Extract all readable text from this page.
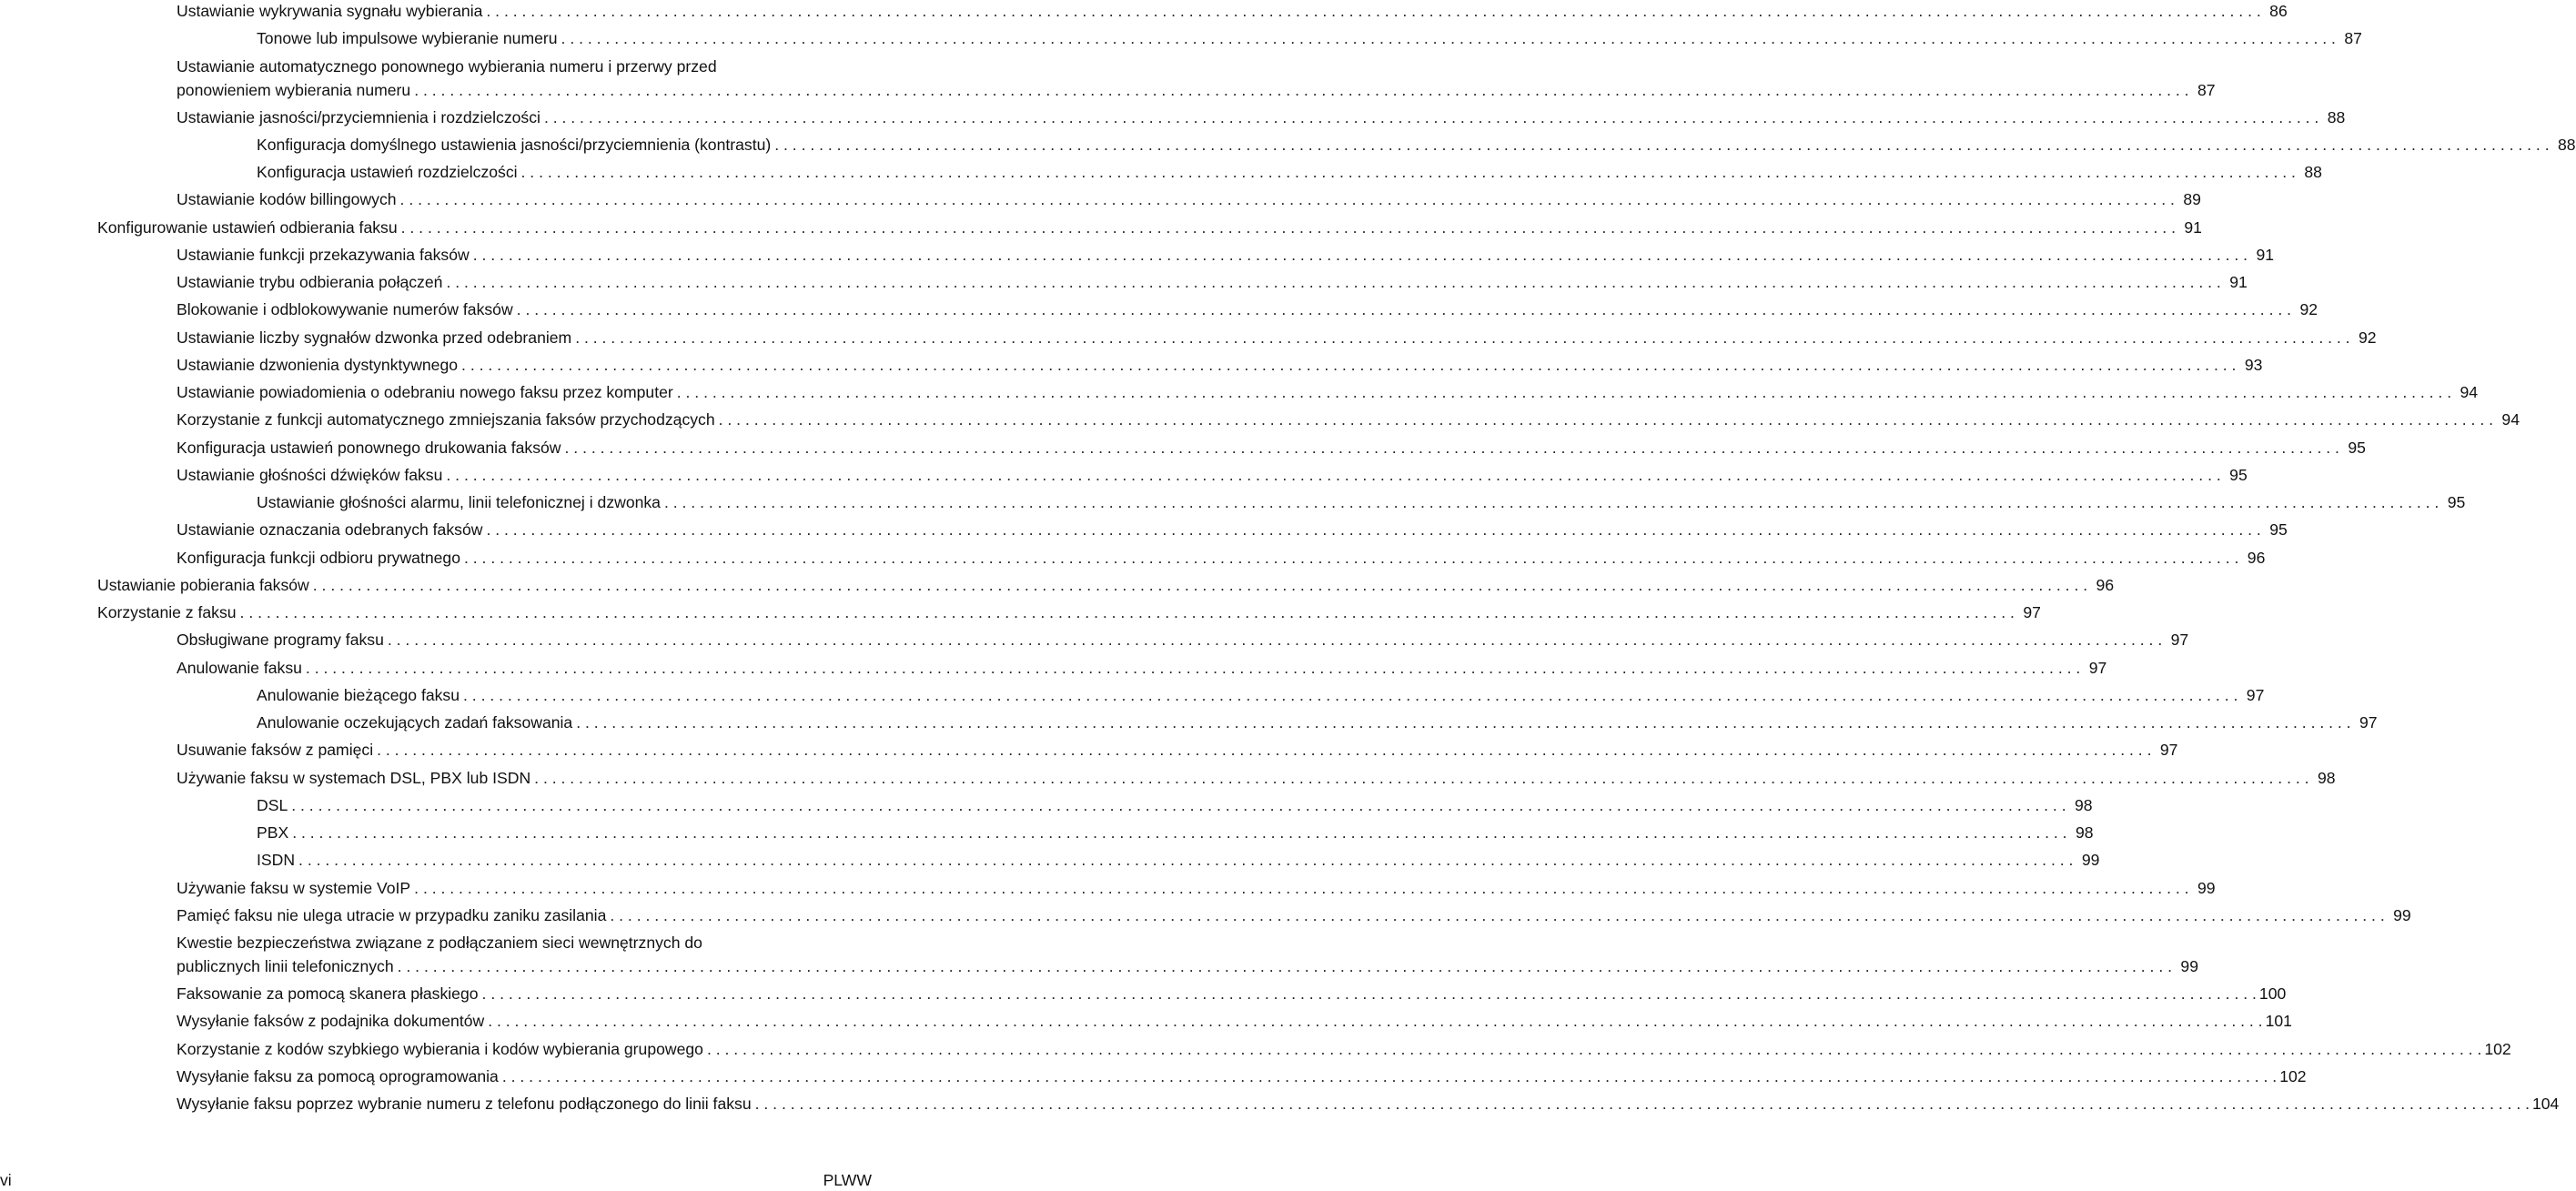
Ustawianie wykrywania sygnału wybierania . . . . . . . . . . . . . . . . . . . . . . . . . . . . . . . . . . . . . . . . . . . . . . . . . . . . . . . . . . . . . . . . . . . . . . . . . . . . . . . . . . . . . . . . . . . . . . . . . . . . . . . . . . . . . . . . . . . . . . . . . . . . . . . . . . . . . . . . . . . . . . . . . . . . . . . . . . . . . . . . . . . . . . . . . . . . . . . . . . . . . . . . . . . . . . . . . . . . . . . . 86
Tonowe lub impulsowe wybieranie numeru . . . . . . . . . . . . . . . . . . . . . . . . . . . . . . . . . . . . . . . . . . . . . . . . . . . . . . . . . . . . . . . . . . . . . . . . . . . . . . . . . . . . . . . . . . . . . . . . . . . . . . . . . . . . . . . . . . . . . . . . . . . . . . . . . . . . . . . . . . . . . . . . . . . . . . . . . . . . . . . . . . . . . . . . . . . . . . . . . . . . . . . . . . . . . . . . . . . . . . . . 87
Ustawianie automatycznego ponownego wybierania numeru i przerwy przed
ponowieniem wybierania numeru . . . . . . . . . . . . . . . . . . . . . . . . . . . . . . . . . . . . . . . . . . . . . . . . . . . . . . . . . . . . . . . . . . . . . . . . . . . . . . . . . . . . . . . . . . . . . . . . . . . . . . . . . . . . . . . . . . . . . . . . . . . . . . . . . . . . . . . . . . . . . . . . . . . . . . . . . . . . . . . . . . . . . . . . . . . . . . . . . . . . . . . . . . . . . . . . . . . . . . . . 87
Ustawianie jasności/przyciemnienia i rozdzielczości . . . . . . . . . . . . . . . . . . . . . . . . . . . . . . . . . . . . . . . . . . . . . . . . . . . . . . . . . . . . . . . . . . . . . . . . . . . . . . . . . . . . . . . . . . . . . . . . . . . . . . . . . . . . . . . . . . . . . . . . . . . . . . . . . . . . . . . . . . . . . . . . . . . . . . . . . . . . . . . . . . . . . . . . . . . . . . . . . . . . . . . . . . . . . . . . . . . . . . . . 88
Konfiguracja domyślnego ustawienia jasności/przyciemnienia (kontrastu) . . . . . . . . . . . . . . . . . . . . . . . . . . . . . . . . . . . . . . . . . . . . . . . . . . . . . . . . . . . . . . . . . . . . . . . . . . . . . . . . . . . . . . . . . . . . . . . . . . . . . . . . . . . . . . . . . . . . . . . . . . . . . . . . . . . . . . . . . . . . . . . . . . . . . . . . . . . . . . . . . . . . . . . . . . . . . . . . . . . . . . . . . . . . . . . . . . . . . . . . 88
Konfiguracja ustawień rozdzielczości . . . . . . . . . . . . . . . . . . . . . . . . . . . . . . . . . . . . . . . . . . . . . . . . . . . . . . . . . . . . . . . . . . . . . . . . . . . . . . . . . . . . . . . . . . . . . . . . . . . . . . . . . . . . . . . . . . . . . . . . . . . . . . . . . . . . . . . . . . . . . . . . . . . . . . . . . . . . . . . . . . . . . . . . . . . . . . . . . . . . . . . . . . . . . . . . . . . . . . . . 88
Ustawianie kodów billingowych . . . . . . . . . . . . . . . . . . . . . . . . . . . . . . . . . . . . . . . . . . . . . . . . . . . . . . . . . . . . . . . . . . . . . . . . . . . . . . . . . . . . . . . . . . . . . . . . . . . . . . . . . . . . . . . . . . . . . . . . . . . . . . . . . . . . . . . . . . . . . . . . . . . . . . . . . . . . . . . . . . . . . . . . . . . . . . . . . . . . . . . . . . . . . . . . . . . . . . . . 89
Konfigurowanie ustawień odbierania faksu . . . . . . . . . . . . . . . . . . . . . . . . . . . . . . . . . . . . . . . . . . . . . . . . . . . . . . . . . . . . . . . . . . . . . . . . . . . . . . . . . . . . . . . . . . . . . . . . . . . . . . . . . . . . . . . . . . . . . . . . . . . . . . . . . . . . . . . . . . . . . . . . . . . . . . . . . . . . . . . . . . . . . . . . . . . . . . . . . . . . . . . . . . . . . . . . . . . . . . . . 91
Ustawianie funkcji przekazywania faksów . . . . . . . . . . . . . . . . . . . . . . . . . . . . . . . . . . . . . . . . . . . . . . . . . . . . . . . . . . . . . . . . . . . . . . . . . . . . . . . . . . . . . . . . . . . . . . . . . . . . . . . . . . . . . . . . . . . . . . . . . . . . . . . . . . . . . . . . . . . . . . . . . . . . . . . . . . . . . . . . . . . . . . . . . . . . . . . . . . . . . . . . . . . . . . . . . . . . . . . . 91
Ustawianie trybu odbierania połączeń . . . . . . . . . . . . . . . . . . . . . . . . . . . . . . . . . . . . . . . . . . . . . . . . . . . . . . . . . . . . . . . . . . . . . . . . . . . . . . . . . . . . . . . . . . . . . . . . . . . . . . . . . . . . . . . . . . . . . . . . . . . . . . . . . . . . . . . . . . . . . . . . . . . . . . . . . . . . . . . . . . . . . . . . . . . . . . . . . . . . . . . . . . . . . . . . . . . . . . . . 91
Blokowanie i odblokowywanie numerów faksów . . . . . . . . . . . . . . . . . . . . . . . . . . . . . . . . . . . . . . . . . . . . . . . . . . . . . . . . . . . . . . . . . . . . . . . . . . . . . . . . . . . . . . . . . . . . . . . . . . . . . . . . . . . . . . . . . . . . . . . . . . . . . . . . . . . . . . . . . . . . . . . . . . . . . . . . . . . . . . . . . . . . . . . . . . . . . . . . . . . . . . . . . . . . . . . . . . . . . . . . 92
Ustawianie liczby sygnałów dzwonka przed odebraniem . . . . . . . . . . . . . . . . . . . . . . . . . . . . . . . . . . . . . . . . . . . . . . . . . . . . . . . . . . . . . . . . . . . . . . . . . . . . . . . . . . . . . . . . . . . . . . . . . . . . . . . . . . . . . . . . . . . . . . . . . . . . . . . . . . . . . . . . . . . . . . . . . . . . . . . . . . . . . . . . . . . . . . . . . . . . . . . . . . . . . . . . . . . . . . . . . . . . . . . . 92
Ustawianie dzwonienia dystynktywnego . . . . . . . . . . . . . . . . . . . . . . . . . . . . . . . . . . . . . . . . . . . . . . . . . . . . . . . . . . . . . . . . . . . . . . . . . . . . . . . . . . . . . . . . . . . . . . . . . . . . . . . . . . . . . . . . . . . . . . . . . . . . . . . . . . . . . . . . . . . . . . . . . . . . . . . . . . . . . . . . . . . . . . . . . . . . . . . . . . . . . . . . . . . . . . . . . . . . . . . . 93
Ustawianie powiadomienia o odebraniu nowego faksu przez komputer . . . . . . . . . . . . . . . . . . . . . . . . . . . . . . . . . . . . . . . . . . . . . . . . . . . . . . . . . . . . . . . . . . . . . . . . . . . . . . . . . . . . . . . . . . . . . . . . . . . . . . . . . . . . . . . . . . . . . . . . . . . . . . . . . . . . . . . . . . . . . . . . . . . . . . . . . . . . . . . . . . . . . . . . . . . . . . . . . . . . . . . . . . . . . . . . . . . . . . . . 94
Korzystanie z funkcji automatycznego zmniejszania faksów przychodzących . . . . . . . . . . . . . . . . . . . . . . . . . . . . . . . . . . . . . . . . . . . . . . . . . . . . . . . . . . . . . . . . . . . . . . . . . . . . . . . . . . . . . . . . . . . . . . . . . . . . . . . . . . . . . . . . . . . . . . . . . . . . . . . . . . . . . . . . . . . . . . . . . . . . . . . . . . . . . . . . . . . . . . . . . . . . . . . . . . . . . . . . . . . . . . . . . . . . . . . . 94
Konfiguracja ustawień ponownego drukowania faksów . . . . . . . . . . . . . . . . . . . . . . . . . . . . . . . . . . . . . . . . . . . . . . . . . . . . . . . . . . . . . . . . . . . . . . . . . . . . . . . . . . . . . . . . . . . . . . . . . . . . . . . . . . . . . . . . . . . . . . . . . . . . . . . . . . . . . . . . . . . . . . . . . . . . . . . . . . . . . . . . . . . . . . . . . . . . . . . . . . . . . . . . . . . . . . . . . . . . . . . . 95
Ustawianie głośności dźwięków faksu . . . . . . . . . . . . . . . . . . . . . . . . . . . . . . . . . . . . . . . . . . . . . . . . . . . . . . . . . . . . . . . . . . . . . . . . . . . . . . . . . . . . . . . . . . . . . . . . . . . . . . . . . . . . . . . . . . . . . . . . . . . . . . . . . . . . . . . . . . . . . . . . . . . . . . . . . . . . . . . . . . . . . . . . . . . . . . . . . . . . . . . . . . . . . . . . . . . . . . . . 95
Ustawianie głośności alarmu, linii telefonicznej i dzwonka . . . . . . . . . . . . . . . . . . . . . . . . . . . . . . . . . . . . . . . . . . . . . . . . . . . . . . . . . . . . . . . . . . . . . . . . . . . . . . . . . . . . . . . . . . . . . . . . . . . . . . . . . . . . . . . . . . . . . . . . . . . . . . . . . . . . . . . . . . . . . . . . . . . . . . . . . . . . . . . . . . . . . . . . . . . . . . . . . . . . . . . . . . . . . . . . . . . . . . . . 95
Ustawianie oznaczania odebranych faksów . . . . . . . . . . . . . . . . . . . . . . . . . . . . . . . . . . . . . . . . . . . . . . . . . . . . . . . . . . . . . . . . . . . . . . . . . . . . . . . . . . . . . . . . . . . . . . . . . . . . . . . . . . . . . . . . . . . . . . . . . . . . . . . . . . . . . . . . . . . . . . . . . . . . . . . . . . . . . . . . . . . . . . . . . . . . . . . . . . . . . . . . . . . . . . . . . . . . . . . . 95
Konfiguracja funkcji odbioru prywatnego . . . . . . . . . . . . . . . . . . . . . . . . . . . . . . . . . . . . . . . . . . . . . . . . . . . . . . . . . . . . . . . . . . . . . . . . . . . . . . . . . . . . . . . . . . . . . . . . . . . . . . . . . . . . . . . . . . . . . . . . . . . . . . . . . . . . . . . . . . . . . . . . . . . . . . . . . . . . . . . . . . . . . . . . . . . . . . . . . . . . . . . . . . . . . . . . . . . . . . . . 96
Ustawianie pobierania faksów . . . . . . . . . . . . . . . . . . . . . . . . . . . . . . . . . . . . . . . . . . . . . . . . . . . . . . . . . . . . . . . . . . . . . . . . . . . . . . . . . . . . . . . . . . . . . . . . . . . . . . . . . . . . . . . . . . . . . . . . . . . . . . . . . . . . . . . . . . . . . . . . . . . . . . . . . . . . . . . . . . . . . . . . . . . . . . . . . . . . . . . . . . . . . . . . . . . . . . . . 96
Korzystanie z faksu . . . . . . . . . . . . . . . . . . . . . . . . . . . . . . . . . . . . . . . . . . . . . . . . . . . . . . . . . . . . . . . . . . . . . . . . . . . . . . . . . . . . . . . . . . . . . . . . . . . . . . . . . . . . . . . . . . . . . . . . . . . . . . . . . . . . . . . . . . . . . . . . . . . . . . . . . . . . . . . . . . . . . . . . . . . . . . . . . . . . . . . . . . . . . . . . . . . . . . . . 97
Obsługiwane programy faksu . . . . . . . . . . . . . . . . . . . . . . . . . . . . . . . . . . . . . . . . . . . . . . . . . . . . . . . . . . . . . . . . . . . . . . . . . . . . . . . . . . . . . . . . . . . . . . . . . . . . . . . . . . . . . . . . . . . . . . . . . . . . . . . . . . . . . . . . . . . . . . . . . . . . . . . . . . . . . . . . . . . . . . . . . . . . . . . . . . . . . . . . . . . . . . . . . . . . . . . . 97
Anulowanie faksu . . . . . . . . . . . . . . . . . . . . . . . . . . . . . . . . . . . . . . . . . . . . . . . . . . . . . . . . . . . . . . . . . . . . . . . . . . . . . . . . . . . . . . . . . . . . . . . . . . . . . . . . . . . . . . . . . . . . . . . . . . . . . . . . . . . . . . . . . . . . . . . . . . . . . . . . . . . . . . . . . . . . . . . . . . . . . . . . . . . . . . . . . . . . . . . . . . . . . . . . 97
Anulowanie bieżącego faksu . . . . . . . . . . . . . . . . . . . . . . . . . . . . . . . . . . . . . . . . . . . . . . . . . . . . . . . . . . . . . . . . . . . . . . . . . . . . . . . . . . . . . . . . . . . . . . . . . . . . . . . . . . . . . . . . . . . . . . . . . . . . . . . . . . . . . . . . . . . . . . . . . . . . . . . . . . . . . . . . . . . . . . . . . . . . . . . . . . . . . . . . . . . . . . . . . . . . . . . . 97
Anulowanie oczekujących zadań faksowania . . . . . . . . . . . . . . . . . . . . . . . . . . . . . . . . . . . . . . . . . . . . . . . . . . . . . . . . . . . . . . . . . . . . . . . . . . . . . . . . . . . . . . . . . . . . . . . . . . . . . . . . . . . . . . . . . . . . . . . . . . . . . . . . . . . . . . . . . . . . . . . . . . . . . . . . . . . . . . . . . . . . . . . . . . . . . . . . . . . . . . . . . . . . . . . . . . . . . . . . 97
Usuwanie faksów z pamięci . . . . . . . . . . . . . . . . . . . . . . . . . . . . . . . . . . . . . . . . . . . . . . . . . . . . . . . . . . . . . . . . . . . . . . . . . . . . . . . . . . . . . . . . . . . . . . . . . . . . . . . . . . . . . . . . . . . . . . . . . . . . . . . . . . . . . . . . . . . . . . . . . . . . . . . . . . . . . . . . . . . . . . . . . . . . . . . . . . . . . . . . . . . . . . . . . . . . . . . . 97
Używanie faksu w systemach DSL, PBX lub ISDN . . . . . . . . . . . . . . . . . . . . . . . . . . . . . . . . . . . . . . . . . . . . . . . . . . . . . . . . . . . . . . . . . . . . . . . . . . . . . . . . . . . . . . . . . . . . . . . . . . . . . . . . . . . . . . . . . . . . . . . . . . . . . . . . . . . . . . . . . . . . . . . . . . . . . . . . . . . . . . . . . . . . . . . . . . . . . . . . . . . . . . . . . . . . . . . . . . . . . . . . 98
DSL . . . . . . . . . . . . . . . . . . . . . . . . . . . . . . . . . . . . . . . . . . . . . . . . . . . . . . . . . . . . . . . . . . . . . . . . . . . . . . . . . . . . . . . . . . . . . . . . . . . . . . . . . . . . . . . . . . . . . . . . . . . . . . . . . . . . . . . . . . . . . . . . . . . . . . . . . . . . . . . . . . . . . . . . . . . . . . . . . . . . . . . . . . . . . . . . . . . . . . . . 98
PBX . . . . . . . . . . . . . . . . . . . . . . . . . . . . . . . . . . . . . . . . . . . . . . . . . . . . . . . . . . . . . . . . . . . . . . . . . . . . . . . . . . . . . . . . . . . . . . . . . . . . . . . . . . . . . . . . . . . . . . . . . . . . . . . . . . . . . . . . . . . . . . . . . . . . . . . . . . . . . . . . . . . . . . . . . . . . . . . . . . . . . . . . . . . . . . . . . . . . . . . . 98
ISDN . . . . . . . . . . . . . . . . . . . . . . . . . . . . . . . . . . . . . . . . . . . . . . . . . . . . . . . . . . . . . . . . . . . . . . . . . . . . . . . . . . . . . . . . . . . . . . . . . . . . . . . . . . . . . . . . . . . . . . . . . . . . . . . . . . . . . . . . . . . . . . . . . . . . . . . . . . . . . . . . . . . . . . . . . . . . . . . . . . . . . . . . . . . . . . . . . . . . . . . . 99
Używanie faksu w systemie VoIP . . . . . . . . . . . . . . . . . . . . . . . . . . . . . . . . . . . . . . . . . . . . . . . . . . . . . . . . . . . . . . . . . . . . . . . . . . . . . . . . . . . . . . . . . . . . . . . . . . . . . . . . . . . . . . . . . . . . . . . . . . . . . . . . . . . . . . . . . . . . . . . . . . . . . . . . . . . . . . . . . . . . . . . . . . . . . . . . . . . . . . . . . . . . . . . . . . . . . . . . 99
Pamięć faksu nie ulega utracie w przypadku zaniku zasilania . . . . . . . . . . . . . . . . . . . . . . . . . . . . . . . . . . . . . . . . . . . . . . . . . . . . . . . . . . . . . . . . . . . . . . . . . . . . . . . . . . . . . . . . . . . . . . . . . . . . . . . . . . . . . . . . . . . . . . . . . . . . . . . . . . . . . . . . . . . . . . . . . . . . . . . . . . . . . . . . . . . . . . . . . . . . . . . . . . . . . . . . . . . . . . . . . . . . . . . . 99
Kwestie bezpieczeństwa związane z podłączaniem sieci wewnętrznych do
publicznych linii telefonicznych . . . . . . . . . . . . . . . . . . . . . . . . . . . . . . . . . . . . . . . . . . . . . . . . . . . . . . . . . . . . . . . . . . . . . . . . . . . . . . . . . . . . . . . . . . . . . . . . . . . . . . . . . . . . . . . . . . . . . . . . . . . . . . . . . . . . . . . . . . . . . . . . . . . . . . . . . . . . . . . . . . . . . . . . . . . . . . . . . . . . . . . . . . . . . . . . . . . . . . . . 99
Faksowanie za pomocą skanera płaskiego . . . . . . . . . . . . . . . . . . . . . . . . . . . . . . . . . . . . . . . . . . . . . . . . . . . . . . . . . . . . . . . . . . . . . . . . . . . . . . . . . . . . . . . . . . . . . . . . . . . . . . . . . . . . . . . . . . . . . . . . . . . . . . . . . . . . . . . . . . . . . . . . . . . . . . . . . . . . . . . . . . . . . . . . . . . . . . . . . . . . . . . . . . . . . . . . . . . . . . . . 100
Wysyłanie faksów z podajnika dokumentów . . . . . . . . . . . . . . . . . . . . . . . . . . . . . . . . . . . . . . . . . . . . . . . . . . . . . . . . . . . . . . . . . . . . . . . . . . . . . . . . . . . . . . . . . . . . . . . . . . . . . . . . . . . . . . . . . . . . . . . . . . . . . . . . . . . . . . . . . . . . . . . . . . . . . . . . . . . . . . . . . . . . . . . . . . . . . . . . . . . . . . . . . . . . . . . . . . . . . . . . 101
Korzystanie z kodów szybkiego wybierania i kodów wybierania grupowego . . . . . . . . . . . . . . . . . . . . . . . . . . . . . . . . . . . . . . . . . . . . . . . . . . . . . . . . . . . . . . . . . . . . . . . . . . . . . . . . . . . . . . . . . . . . . . . . . . . . . . . . . . . . . . . . . . . . . . . . . . . . . . . . . . . . . . . . . . . . . . . . . . . . . . . . . . . . . . . . . . . . . . . . . . . . . . . . . . . . . . . . . . . . . . . . . . . . . . . . 102
Wysyłanie faksu za pomocą oprogramowania . . . . . . . . . . . . . . . . . . . . . . . . . . . . . . . . . . . . . . . . . . . . . . . . . . . . . . . . . . . . . . . . . . . . . . . . . . . . . . . . . . . . . . . . . . . . . . . . . . . . . . . . . . . . . . . . . . . . . . . . . . . . . . . . . . . . . . . . . . . . . . . . . . . . . . . . . . . . . . . . . . . . . . . . . . . . . . . . . . . . . . . . . . . . . . . . . . . . . . . . 102
Wysyłanie faksu poprzez wybranie numeru z telefonu podłączonego do linii faksu . . . . . . . . . . . . . . . . . . . . . . . . . . . . . . . . . . . . . . . . . . . . . . . . . . . . . . . . . . . . . . . . . . . . . . . . . . . . . . . . . . . . . . . . . . . . . . . . . . . . . . . . . . . . . . . . . . . . . . . . . . . . . . . . . . . . . . . . . . . . . . . . . . . . . . . . . . . . . . . . . . . . . . . . . . . . . . . . . . . . . . . . . . . . . . . . . . . . . . . . 104
vi	PLWW
